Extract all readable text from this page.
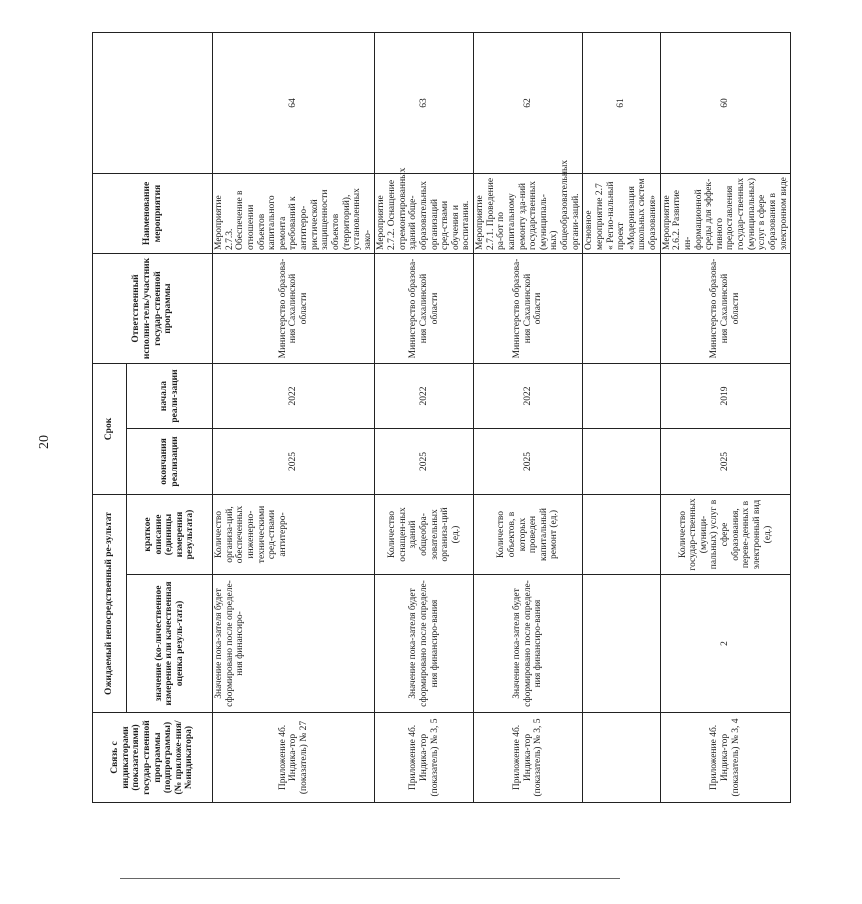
20
Связь с индикаторами (показателями) государ-ственной программы (подпрограммы) (№ приложе-ния/№индикатора)	Ожидаемый непосредственный ре-зультат		Срок		Ответственный исполни-тель/участник государ-ственной программы	Наименование мероприятия	
	значение (ко-личественное измерение или качественная оценка резуль-тата)	краткое описание (единицы измерения результата)	окончания реализации	начала реали-зации			
Приложение 4б. Индика-тор (показатель) № 27	Значение пока-зателя будет сформировано после определе-ния финансиро-	Количество организа-ций, обеспеченных инженерно-техническими сред-ствами антитерро-	2025	2022	Министерство образова-ния Сахалинской области	Мероприятие 2.7.3. Обеспечение в отношении объектов капитального ремонта требований к антитерро-ристической защищенности объектов (территорий), установленных зако-	64
Приложение 4б. Индика-тор (показатель) № 3, 5	Значение пока-зателя будет сформировано после определе-ния финансиро-вания	Количество оснащен-ных зданий общеобра-зовательных организа-ций (ед.)	2025	2022	Министерство образова-ния Сахалинской области	Мероприятие 2.7.2. Оснащение отремонтированных зданий обще-образовательных организаций сред-ствами обучения и воспитания.	63
Приложение 4б. Индика-тор (показатель) № 3, 5	Значение пока-зателя будет сформировано после определе-ния финансиро-вания	Количество объектов, в которых проведен капитальный ремонт (ед.)	2025	2022	Министерство образова-ния Сахалинской области	Мероприятие 2.7.1. Проведение ра-бот по капитальному ремонту зда-ний государственных (муниципаль-ных) общеобразовательных органи-заций.	62
						Основное мероприятие 2.7 « Регио-нальный проект «Модернизация школьных систем образования»	61
Приложение 4б. Индика-тор (показатель) № 3, 4	2	Количество государ-ственных (муници-пальных) услуг в сфере образования, переве-денных в электронный вид (ед.)	2025	2019	Министерство образова-ния Сахалинской области	Мероприятие 2.6.2. Развитие ин-формационной среды для эффек-тивного предоставления государ-ственных (муниципальных) услуг в сфере образования в электронном виде	60
